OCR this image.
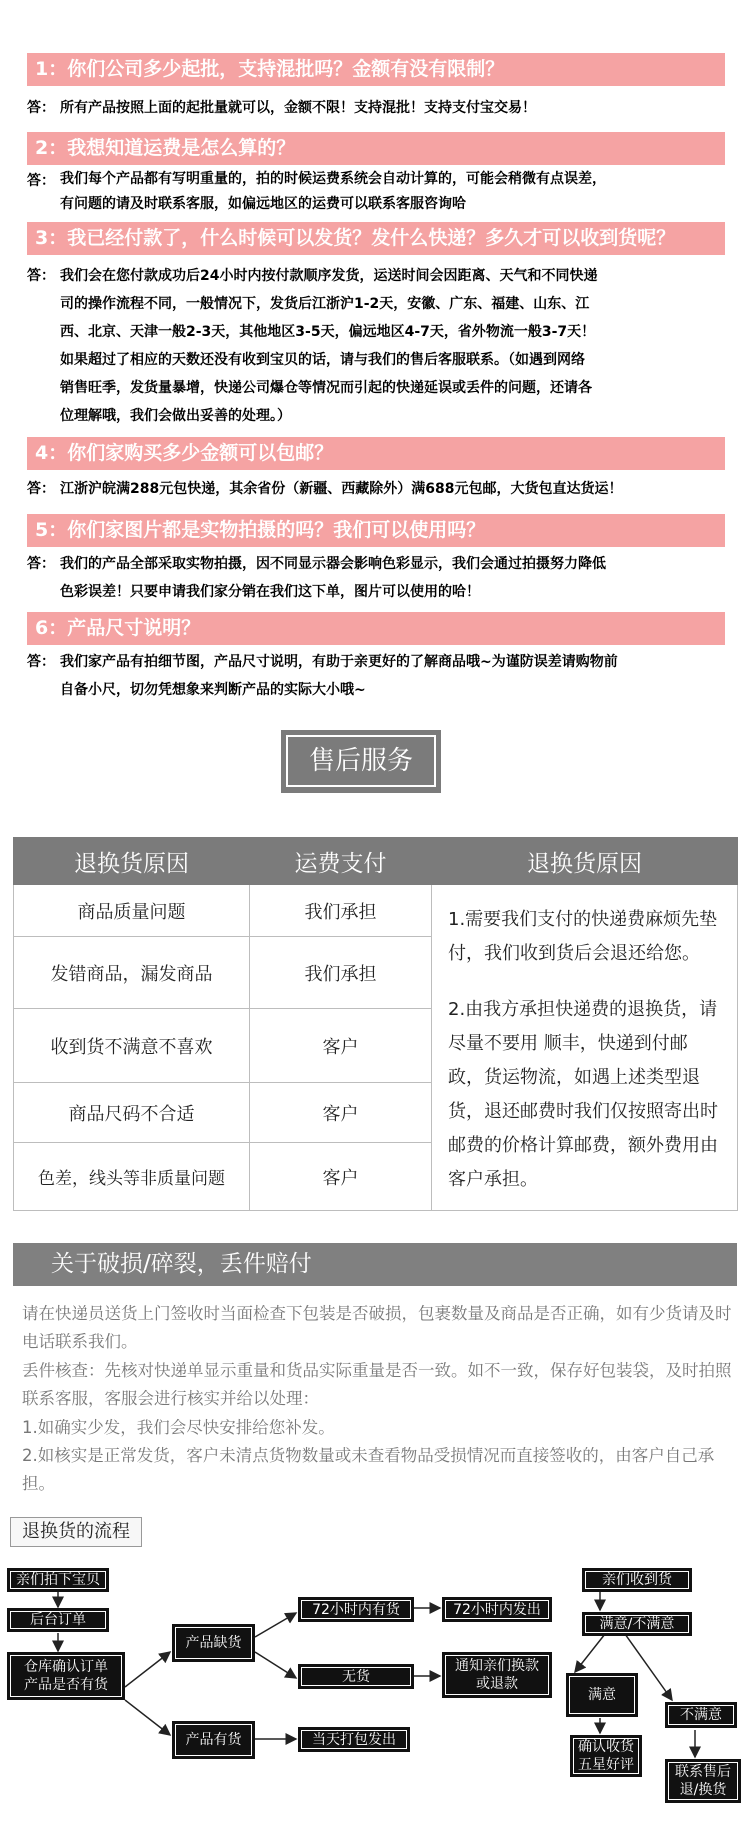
1：你们公司多少起批，支持混批吗？金额有没有限制？
答： 所有产品按照上面的起批量就可以，金额不限！支持混批！支持支付宝交易！
2：我想知道运费是怎么算的？
答： 我们每个产品都有写明重量的，拍的时候运费系统会自动计算的，可能会稍微有点误差，
有问题的请及时联系客服，如偏远地区的运费可以联系客服咨询哈
3：我已经付款了，什么时候可以发货？发什么快递？多久才可以收到货呢？
答： 我们会在您付款成功后24小时内按付款顺序发货，运送时间会因距离、天气和不同快递
司的操作流程不同，一般情况下，发货后江浙沪1-2天，安徽、广东、福建、山东、江
西、北京、天津一般2-3天，其他地区3-5天，偏远地区4-7天，省外物流一般3-7天！
如果超过了相应的天数还没有收到宝贝的话，请与我们的售后客服联系。（如遇到网络
销售旺季，发货量暴增，快递公司爆仓等情况而引起的快递延误或丢件的问题，还请各
位理解哦，我们会做出妥善的处理。）
4：你们家购买多少金额可以包邮？
答： 江浙沪皖满288元包快递，其余省份（新疆、西藏除外）满688元包邮，大货包直达货运！
5：你们家图片都是实物拍摄的吗？我们可以使用吗？
答： 我们的产品全部采取实物拍摄，因不同显示器会影响色彩显示，我们会通过拍摄努力降低
色彩误差！只要申请我们家分销在我们这下单，图片可以使用的哈！
6：产品尺寸说明？
答： 我们家产品有拍细节图，产品尺寸说明，有助于亲更好的了解商品哦~为谨防误差请购物前
自备小尺，切勿凭想象来判断产品的实际大小哦~
售后服务
退换货原因	运费支付	退换货原因
商品质量问题	我们承担	1.需要我们支付的快递费麻烦先垫付，我们收到货后会退还给您。
2.由我方承担快递费的退换货，请尽量不要用 顺丰，快递到付邮政，货运物流，如遇上述类型退货，退还邮费时我们仅按照寄出时邮费的价格计算邮费，额外费用由客户承担。

发错商品，漏发商品	我们承担	
收到货不满意不喜欢	客户	
商品尺码不合适	客户	
色差，线头等非质量问题	客户	
关于破损/碎裂，丢件赔付
请在快递员送货上门签收时当面检查下包装是否破损，包裹数量及商品是否正确，如有少货请及时电话联系我们。
丢件核查：先核对快递单显示重量和货品实际重量是否一致。如不一致，保存好包装袋，及时拍照联系客服，客服会进行核实并给以处理：
1.如确实少发，我们会尽快安排给您补发。
2.如核实是正常发货，客户未清点货物数量或未查看物品受损情况而直接签收的，由客户自己承担。
退换货的流程
亲们拍下宝贝
后台订单
仓库确认订单
产品是否有货
产品缺货
产品有货
72小时内有货	72小时内发出
无货
通知亲们换款
或退款
当天打包发出
亲们收到货
满意/不满意
满意
不满意
确认收货
五星好评	联系售后
退/换货
